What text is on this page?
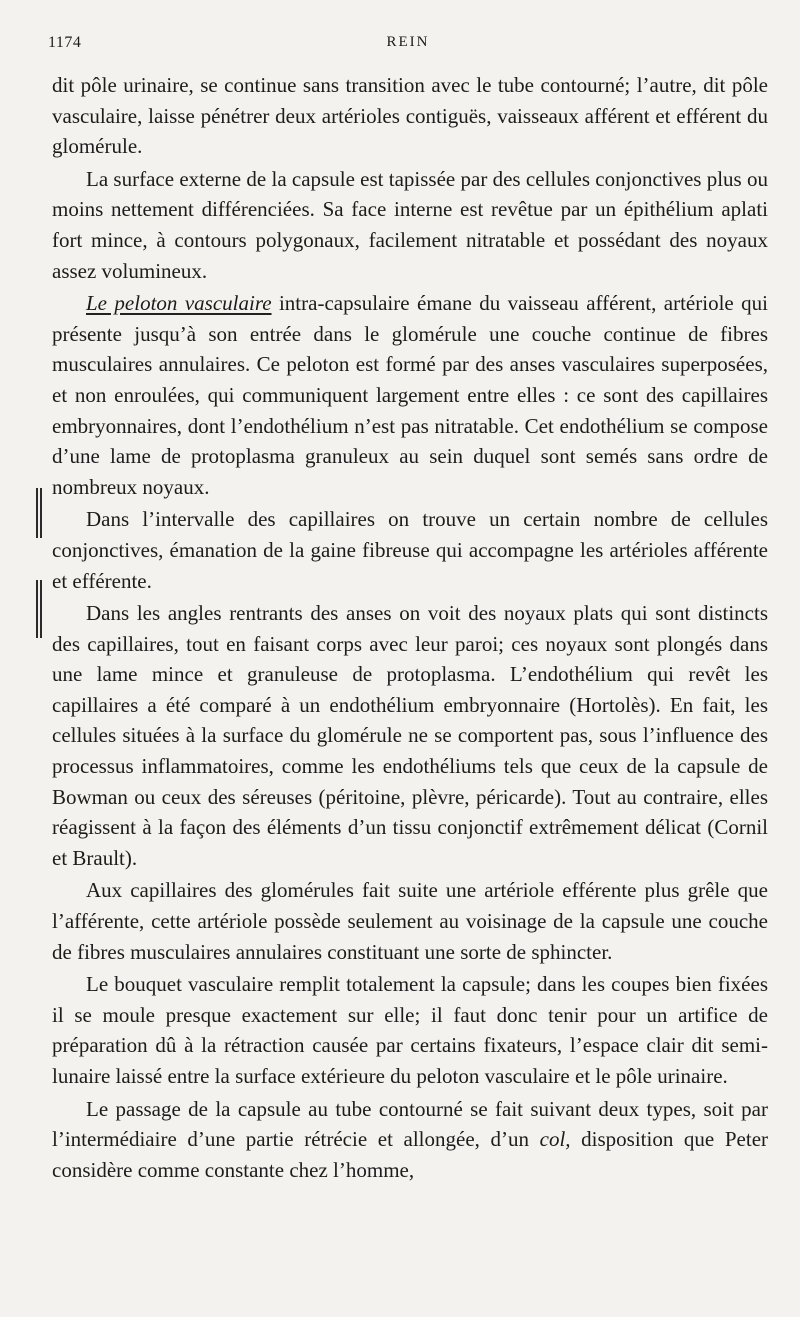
1174	REIN

dit pôle urinaire, se continue sans transition avec le tube contourné; l’autre, dit pôle vasculaire, laisse pénétrer deux artérioles contiguës, vaisseaux afférent et efférent du glomérule.

La surface externe de la capsule est tapissée par des cellules conjonctives plus ou moins nettement différenciées. Sa face interne est revêtue par un épithélium aplati fort mince, à contours polygonaux, facilement nitratable et possédant des noyaux assez volumineux.

Le peloton vasculaire intra-capsulaire émane du vaisseau afférent, artériole qui présente jusqu’à son entrée dans le glomérule une couche continue de fibres musculaires annulaires. Ce peloton est formé par des anses vasculaires superposées, et non enroulées, qui communiquent largement entre elles : ce sont des capillaires embryonnaires, dont l’endothélium n’est pas nitratable. Cet endothélium se compose d’une lame de protoplasma granuleux au sein duquel sont semés sans ordre de nombreux noyaux.

Dans l’intervalle des capillaires on trouve un certain nombre de cellules conjonctives, émanation de la gaine fibreuse qui accompagne les artérioles afférente et efférente.

Dans les angles rentrants des anses on voit des noyaux plats qui sont distincts des capillaires, tout en faisant corps avec leur paroi; ces noyaux sont plongés dans une lame mince et granuleuse de protoplasma. L’endothélium qui revêt les capillaires a été comparé à un endothélium embryonnaire (Hortolès). En fait, les cellules situées à la surface du glomérule ne se comportent pas, sous l’influence des processus inflammatoires, comme les endothéliums tels que ceux de la capsule de Bowman ou ceux des séreuses (péritoine, plèvre, péricarde). Tout au contraire, elles réagissent à la façon des éléments d’un tissu conjonctif extrêmement délicat (Cornil et Brault).

Aux capillaires des glomérules fait suite une artériole efférente plus grêle que l’afférente, cette artériole possède seulement au voisinage de la capsule une couche de fibres musculaires annulaires constituant une sorte de sphincter.

Le bouquet vasculaire remplit totalement la capsule; dans les coupes bien fixées il se moule presque exactement sur elle; il faut donc tenir pour un artifice de préparation dû à la rétraction causée par certains fixateurs, l’espace clair dit semi-lunaire laissé entre la surface extérieure du peloton vasculaire et le pôle urinaire.

Le passage de la capsule au tube contourné se fait suivant deux types, soit par l’intermédiaire d’une partie rétrécie et allongée, d’un col, disposition que Peter considère comme constante chez l’homme,
